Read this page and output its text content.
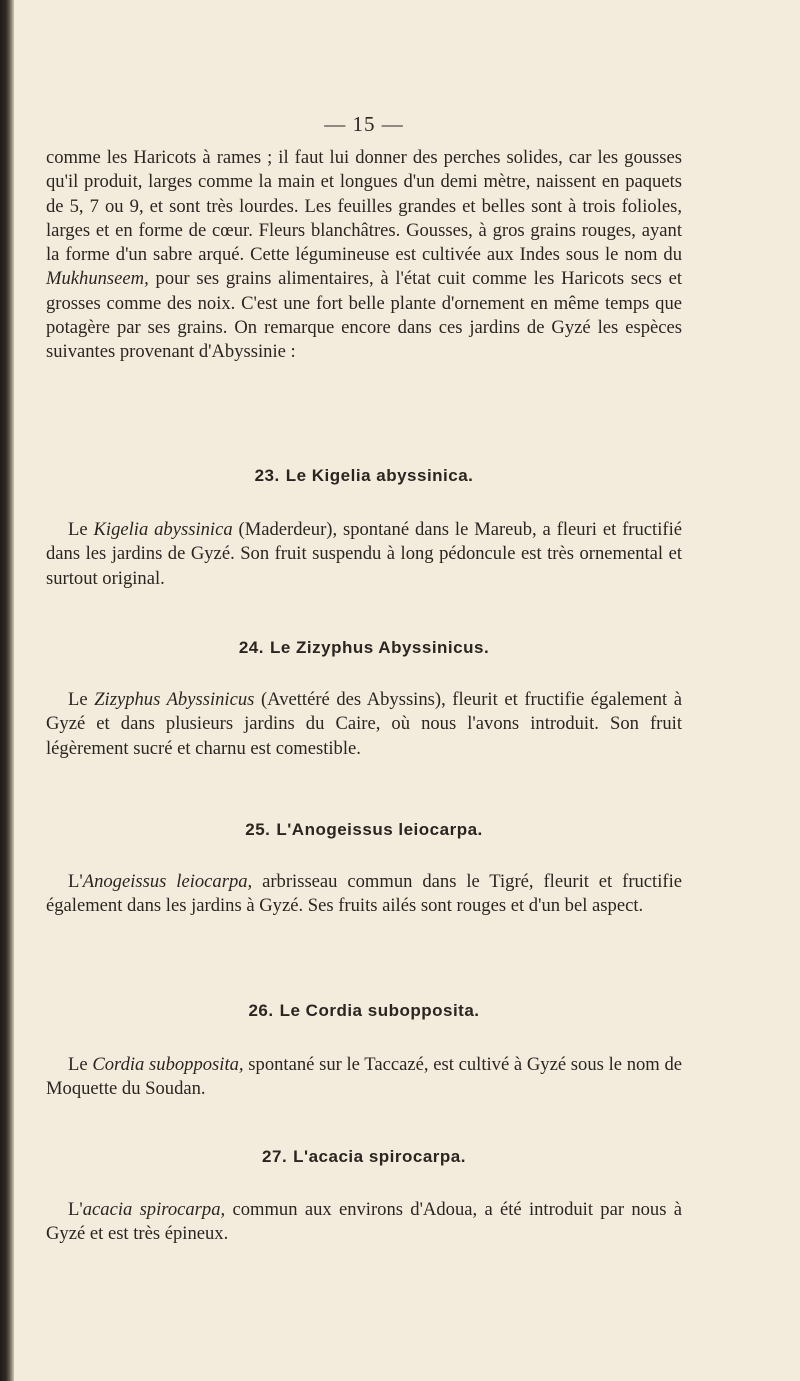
— 15 —

comme les Haricots à rames ; il faut lui donner des perches solides, car les gousses qu'il produit, larges comme la main et longues d'un demi mètre, naissent en paquets de 5, 7 ou 9, et sont très lourdes. Les feuilles grandes et belles sont à trois folioles, larges et en forme de cœur. Fleurs blanchâtres. Gousses, à gros grains rouges, ayant la forme d'un sabre arqué. Cette légumineuse est cultivée aux Indes sous le nom du Mukhunseem, pour ses grains alimentaires, à l'état cuit comme les Haricots secs et grosses comme des noix. C'est une fort belle plante d'ornement en même temps que potagère par ses grains. On remarque encore dans ces jardins de Gyzé les espèces suivantes provenant d'Abyssinie :

23. Le Kigelia abyssinica.

Le Kigelia abyssinica (Maderdeur), spontané dans le Mareub, a fleuri et fructifié dans les jardins de Gyzé. Son fruit suspendu à long pédoncule est très ornemental et surtout original.

24. Le Zizyphus Abyssinicus.

Le Zizyphus Abyssinicus (Avettéré des Abyssins), fleurit et fructifie également à Gyzé et dans plusieurs jardins du Caire, où nous l'avons introduit. Son fruit légèrement sucré et charnu est comestible.

25. L'Anogeissus leiocarpa.

L'Anogeissus leiocarpa, arbrisseau commun dans le Tigré, fleurit et fructifie également dans les jardins à Gyzé. Ses fruits ailés sont rouges et d'un bel aspect.

26. Le Cordia subopposita.

Le Cordia subopposita, spontané sur le Taccazé, est cultivé à Gyzé sous le nom de Moquette du Soudan.

27. L'acacia spirocarpa.

L'acacia spirocarpa, commun aux environs d'Adoua, a été introduit par nous à Gyzé et est très épineux.
